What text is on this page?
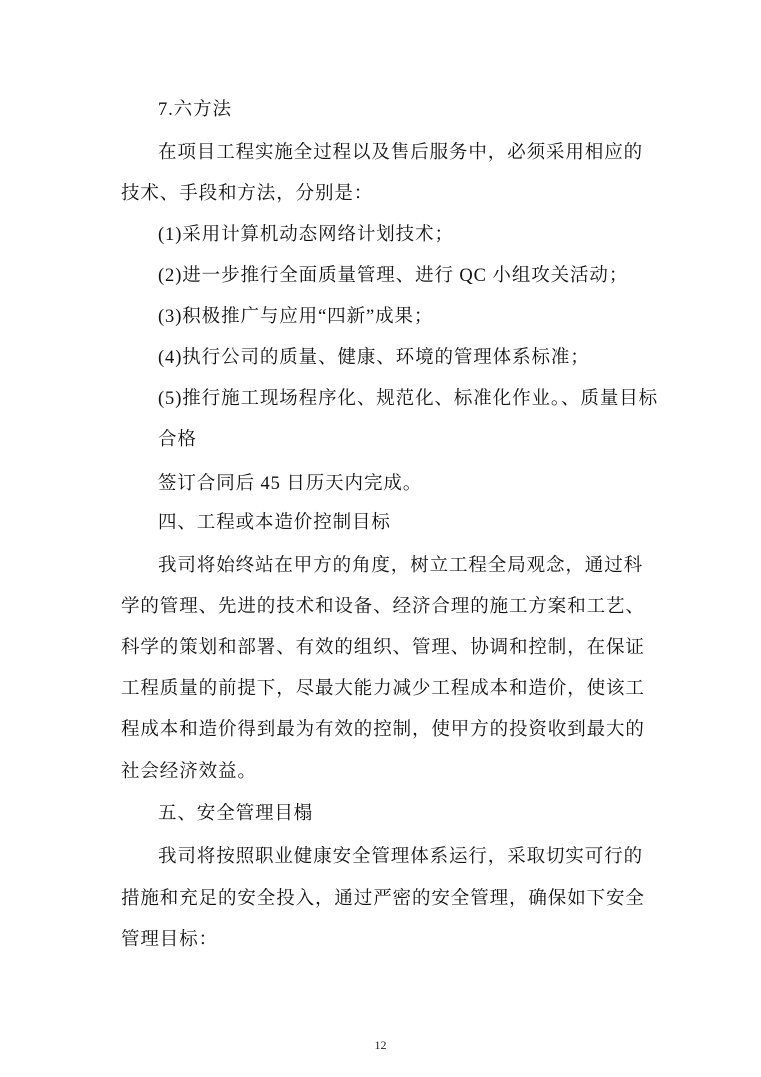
7.六方法
在项目工程实施全过程以及售后服务中，必须采用相应的
技术、手段和方法，分别是：
(1)采用计算机动态网络计划技术；
(2)进一步推行全面质量管理、进行 QC 小组攻关活动；
(3)积极推广与应用“四新”成果；
(4)执行公司的质量、健康、环境的管理体系标准；
(5)推行施工现场程序化、规范化、标准化作业。、质量目标
合格
签订合同后 45 日历天内完成。
四、工程或本造价控制目标
我司将始终站在甲方的角度，树立工程全局观念，通过科
学的管理、先进的技术和设备、经济合理的施工方案和工艺、
科学的策划和部署、有效的组织、管理、协调和控制，在保证
工程质量的前提下，尽最大能力减少工程成本和造价，使该工
程成本和造价得到最为有效的控制，使甲方的投资收到最大的
社会经济效益。
五、安全管理目榻
我司将按照职业健康安全管理体系运行，采取切实可行的
措施和充足的安全投入，通过严密的安全管理，确保如下安全
管理目标：
12
